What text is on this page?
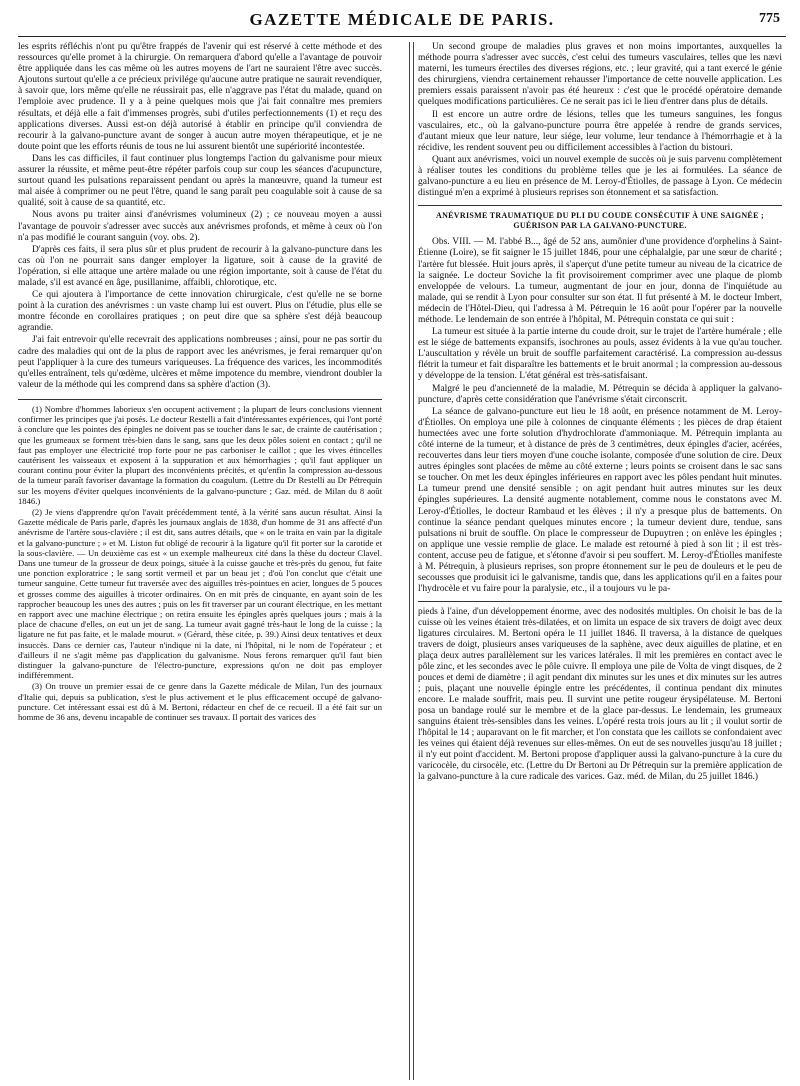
GAZETTE MÉDICALE DE PARIS.	775

les esprits réfléchis n'ont pu qu'être frappés de l'avenir qui est réservé à cette méthode et des ressources qu'elle promet à la chirurgie. On remarquera d'abord qu'elle a l'avantage de pouvoir être appliquée dans les cas même où les autres moyens de l'art ne sauraient l'être avec succès. Ajoutons surtout qu'elle a ce précieux privilége qu'aucune autre pratique ne saurait revendiquer, à savoir que, lors même qu'elle ne réussirait pas, elle n'aggrave pas l'état du malade, quand on l'emploie avec prudence. Il y a à peine quelques mois que j'ai fait connaître mes premiers résultats, et déjà elle a fait d'immenses progrès, subi d'utiles perfectionnements (1) et reçu des applications diverses. Aussi est-on déjà autorisé à établir en principe qu'il conviendra de recourir à la galvano-puncture avant de songer à aucun autre moyen thérapeutique, et je ne doute point que les efforts réunis de tous ne lui assurent bientôt une supériorité incontestée.

Dans les cas difficiles, il faut continuer plus longtemps l'action du galvanisme pour mieux assurer la réussite, et même peut-être répéter parfois coup sur coup les séances d'acupuncture, surtout quand les pulsations reparaissent pendant ou après la manœuvre, quand la tumeur est mal aisée à comprimer ou ne peut l'être, quand le sang paraît peu coagulable soit à cause de sa qualité, soit à cause de sa quantité, etc.

Nous avons pu traiter ainsi d'anévrismes volumineux (2) ; ce nouveau moyen a aussi l'avantage de pouvoir s'adresser avec succès aux anévrismes profonds, et même à ceux où l'on n'a pas modifié le courant sanguin (voy. obs. 2).

D'après ces faits, il sera plus sûr et plus prudent de recourir à la galvano-puncture dans les cas où l'on ne pourrait sans danger employer la ligature, soit à cause de la gravité de l'opération, si elle attaque une artère malade ou une région importante, soit à cause de l'état du malade, s'il est avancé en âge, pusillanime, affaibli, chlorotique, etc.

Ce qui ajoutera à l'importance de cette innovation chirurgicale, c'est qu'elle ne se borne point à la curation des anévrismes : un vaste champ lui est ouvert. Plus on l'étudie, plus elle se montre féconde en corollaires pratiques ; on peut dire que sa sphère s'est déjà beaucoup agrandie.

J'ai fait entrevoir qu'elle recevrait des applications nombreuses ; ainsi, pour ne pas sortir du cadre des maladies qui ont de la plus de rapport avec les anévrismes, je ferai remarquer qu'on peut l'appliquer à la cure des tumeurs variqueuses. La fréquence des varices, les incommodités qu'elles entraînent, tels qu'œdème, ulcères et même impotence du membre, viendront doubler la valeur de la méthode qui les comprend dans sa sphère d'action (3).

(1) Nombre d'hommes laborieux s'en occupent activement ; la plupart de leurs conclusions viennent confirmer les principes que j'ai posés. Le docteur Restelli a fait d'intéressantes expériences, qui l'ont porté à conclure que les pointes des épingles ne doivent pas se toucher dans le sac, de crainte de cautérisation ; que les grumeaux se forment très-bien dans le sang, sans que les deux pôles soient en contact ; qu'il ne faut pas employer une électricité trop forte pour ne pas carboniser le caillot ; que les vives étincelles cautérisent les vaisseaux et exposent à la suppuration et aux hémorrhagies ; qu'il faut appliquer un courant continu pour éviter la plupart des inconvénients précités, et qu'enfin la compression au-dessous de la tumeur paraît favoriser davantage la formation du coagulum. (Lettre du Dr Restelli au Dr Pétrequin sur les moyens d'éviter quelques inconvénients de la galvano-puncture ; Gaz. méd. de Milan du 8 août 1846.)

(2) Je viens d'apprendre qu'on l'avait précédemment tenté, à la vérité sans aucun résultat. Ainsi la Gazette médicale de Paris parle, d'après les journaux anglais de 1838, d'un homme de 31 ans affecté d'un anévrisme de l'artère sous-clavière ; il est dit, sans autres détails, que « on le traita en vain par la digitale et la galvano-puncture ; » et M. Liston fut obligé de recourir à la ligature qu'il fit porter sur la carotide et la sous-clavière. — Un deuxième cas est « un exemple malheureux cité dans la thèse du docteur Clavel. Dans une tumeur de la grosseur de deux poings, située à la cuisse gauche et très-près du genou, fut faite une ponction exploratrice ; le sang sortit vermeil et par un beau jet ; d'où l'on conclut que c'était une tumeur sanguine. Cette tumeur fut traversée avec des aiguilles très-pointues en acier, longues de 5 pouces et grosses comme des aiguilles à tricoter ordinaires. On en mit près de cinquante, en ayant soin de les rapprocher beaucoup les unes des autres ; puis on les fit traverser par un courant électrique, en les mettant en rapport avec une machine électrique ; on retira ensuite les épingles après quelques jours ; mais à la place de chacune d'elles, on eut un jet de sang. La tumeur avait gagné très-haut le long de la cuisse ; la ligature ne fut pas faite, et le malade mourut. » (Gérard, thèse citée, p. 39.) Ainsi deux tentatives et deux insuccès. Dans ce dernier cas, l'auteur n'indique ni la date, ni l'hôpital, ni le nom de l'opérateur ; et d'ailleurs il ne s'agit même pas d'application du galvanisme. Nous ferons remarquer qu'il faut bien distinguer la galvano-puncture de l'électro-puncture, expressions qu'on ne doit pas employer indifféremment.

(3) On trouve un premier essai de ce genre dans la Gazette médicale de Milan, l'un des journaux d'Italie qui, depuis sa publication, s'est le plus activement et le plus efficacement occupé de galvano-puncture. Cet intéressant essai est dû à M. Bertoni, rédacteur en chef de ce recueil. Il a été fait sur un homme de 36 ans, devenu incapable de continuer ses travaux. Il portait des varices des

Un second groupe de maladies plus graves et non moins importantes, auxquelles la méthode pourra s'adresser avec succès, c'est celui des tumeurs vasculaires, telles que les nævi materni, les tumeurs érectiles des diverses régions, etc. ; leur gravité, qui a tant exercé le génie des chirurgiens, viendra certainement rehausser l'importance de cette nouvelle application. Les premiers essais paraissent n'avoir pas été heureux : c'est que le procédé opératoire demande quelques modifications particulières. Ce ne serait pas ici le lieu d'entrer dans plus de détails.

Il est encore un autre ordre de lésions, telles que les tumeurs sanguines, les fongus vasculaires, etc., où la galvano-puncture pourra être appelée à rendre de grands services, d'autant mieux que leur nature, leur siége, leur volume, leur tendance à l'hémorrhagie et à la récidive, les rendent souvent peu ou difficilement accessibles à l'action du bistouri.

Quant aux anévrismes, voici un nouvel exemple de succès où je suis parvenu complètement à réaliser toutes les conditions du problème telles que je les ai formulées. La séance de galvano-puncture a eu lieu en présence de M. Leroy-d'Étiolles, de passage à Lyon. Ce médecin distingué m'en a exprimé à plusieurs reprises son étonnement et sa satisfaction.

ANÉVRISME TRAUMATIQUE DU PLI DU COUDE CONSÉCUTIF À UNE SAIGNÉE ; GUÉRISON PAR LA GALVANO-PUNCTURE.

Obs. VIII. — M. l'abbé B..., âgé de 52 ans, aumônier d'une providence d'orphelins à Saint-Étienne (Loire), se fit saigner le 15 juillet 1846, pour une céphalalgie, par une sœur de charité ; l'artère fut blessée. Huit jours après, il s'aperçut d'une petite tumeur au niveau de la cicatrice de la saignée. Le docteur Soviche la fit provisoirement comprimer avec une plaque de plomb enveloppée de velours. La tumeur, augmentant de jour en jour, donna de l'inquiétude au malade, qui se rendit à Lyon pour consulter sur son état. Il fut présenté à M. le docteur Imbert, médecin de l'Hôtel-Dieu, qui l'adressa à M. Pétrequin le 16 août pour l'opérer par la nouvelle méthode. Le lendemain de son entrée à l'hôpital, M. Pétrequin constata ce qui suit :

La tumeur est située à la partie interne du coude droit, sur le trajet de l'artère humérale ; elle est le siége de battements expansifs, isochrones au pouls, assez évidents à la vue qu'au toucher. L'auscultation y révèle un bruit de souffle parfaitement caractérisé. La compression au-dessus flétrit la tumeur et fait disparaître les battements et le bruit anormal ; la compression au-dessous y développe de la tension. L'état général est très-satisfaisant.

Malgré le peu d'ancienneté de la maladie, M. Pétrequin se décida à appliquer la galvano-puncture, d'après cette considération que l'anévrisme s'était circonscrit.

La séance de galvano-puncture eut lieu le 18 août, en présence notamment de M. Leroy-d'Étiolles. On employa une pile à colonnes de cinquante éléments ; les pièces de drap étaient humectées avec une forte solution d'hydrochlorate d'ammoniaque. M. Pétrequin implanta au côté interne de la tumeur, et à distance de près de 3 centimètres, deux épingles d'acier, acérées, recouvertes dans leur tiers moyen d'une couche isolante, composée d'une solution de cire. Deux autres épingles sont placées de même au côté externe ; leurs points se croisent dans le sac sans se toucher. On met les deux épingles inférieures en rapport avec les pôles pendant huit minutes. La tumeur prend une densité sensible ; on agit pendant huit autres minutes sur les deux épingles supérieures. La densité augmente notablement, comme nous le constatons avec M. Leroy-d'Étiolles, le docteur Rambaud et les élèves ; il n'y a presque plus de battements. On continue la séance pendant quelques minutes encore ; la tumeur devient dure, tendue, sans pulsations ni bruit de souffle. On place le compresseur de Dupuytren ; on enlève les épingles ; on applique une vessie remplie de glace. Le malade est retourné à pied à son lit ; il est très-content, accuse peu de fatigue, et s'étonne d'avoir si peu souffert. M. Leroy-d'Étiolles manifeste à M. Pétrequin, à plusieurs reprises, son propre étonnement sur le peu de douleurs et le peu de secousses que produisit ici le galvanisme, tandis que, dans les applications qu'il en a faites pour l'hydrocèle et vu faire pour la paralysie, etc., il a toujours vu le pa-

pieds à l'aine, d'un développement énorme, avec des nodosités multiples. On choisit le bas de la cuisse où les veines étaient très-dilatées, et on limita un espace de six travers de doigt avec deux ligatures circulaires. M. Bertoni opéra le 11 juillet 1846. Il traversa, à la distance de quelques travers de doigt, plusieurs anses variqueuses de la saphène, avec deux aiguilles de platine, et en plaça deux autres parallèlement sur les varices latérales. Il mit les premières en contact avec le pôle zinc, et les secondes avec le pôle cuivre. Il employa une pile de Volta de vingt disques, de 2 pouces et demi de diamètre ; il agit pendant dix minutes sur les unes et dix minutes sur les autres ; puis, plaçant une nouvelle épingle entre les précédentes, il continua pendant dix minutes encore. Le malade souffrit, mais peu. Il survint une petite rougeur érysipélateuse. M. Bertoni posa un bandage roulé sur le membre et de la glace par-dessus. Le lendemain, les grumeaux sanguins étaient très-sensibles dans les veines. L'opéré resta trois jours au lit ; il voulut sortir de l'hôpital le 14 ; auparavant on le fit marcher, et l'on constata que les caillots se confondaient avec les veines qui étaient déjà revenues sur elles-mêmes. On eut de ses nouvelles jusqu'au 18 juillet ; il n'y eut point d'accident. M. Bertoni propose d'appliquer aussi la galvano-puncture à la cure du varicocèle, du cirsocèle, etc. (Lettre du Dr Bertoni au Dr Pétrequin sur la première application de la galvano-puncture à la cure radicale des varices. Gaz. méd. de Milan, du 25 juillet 1846.)
